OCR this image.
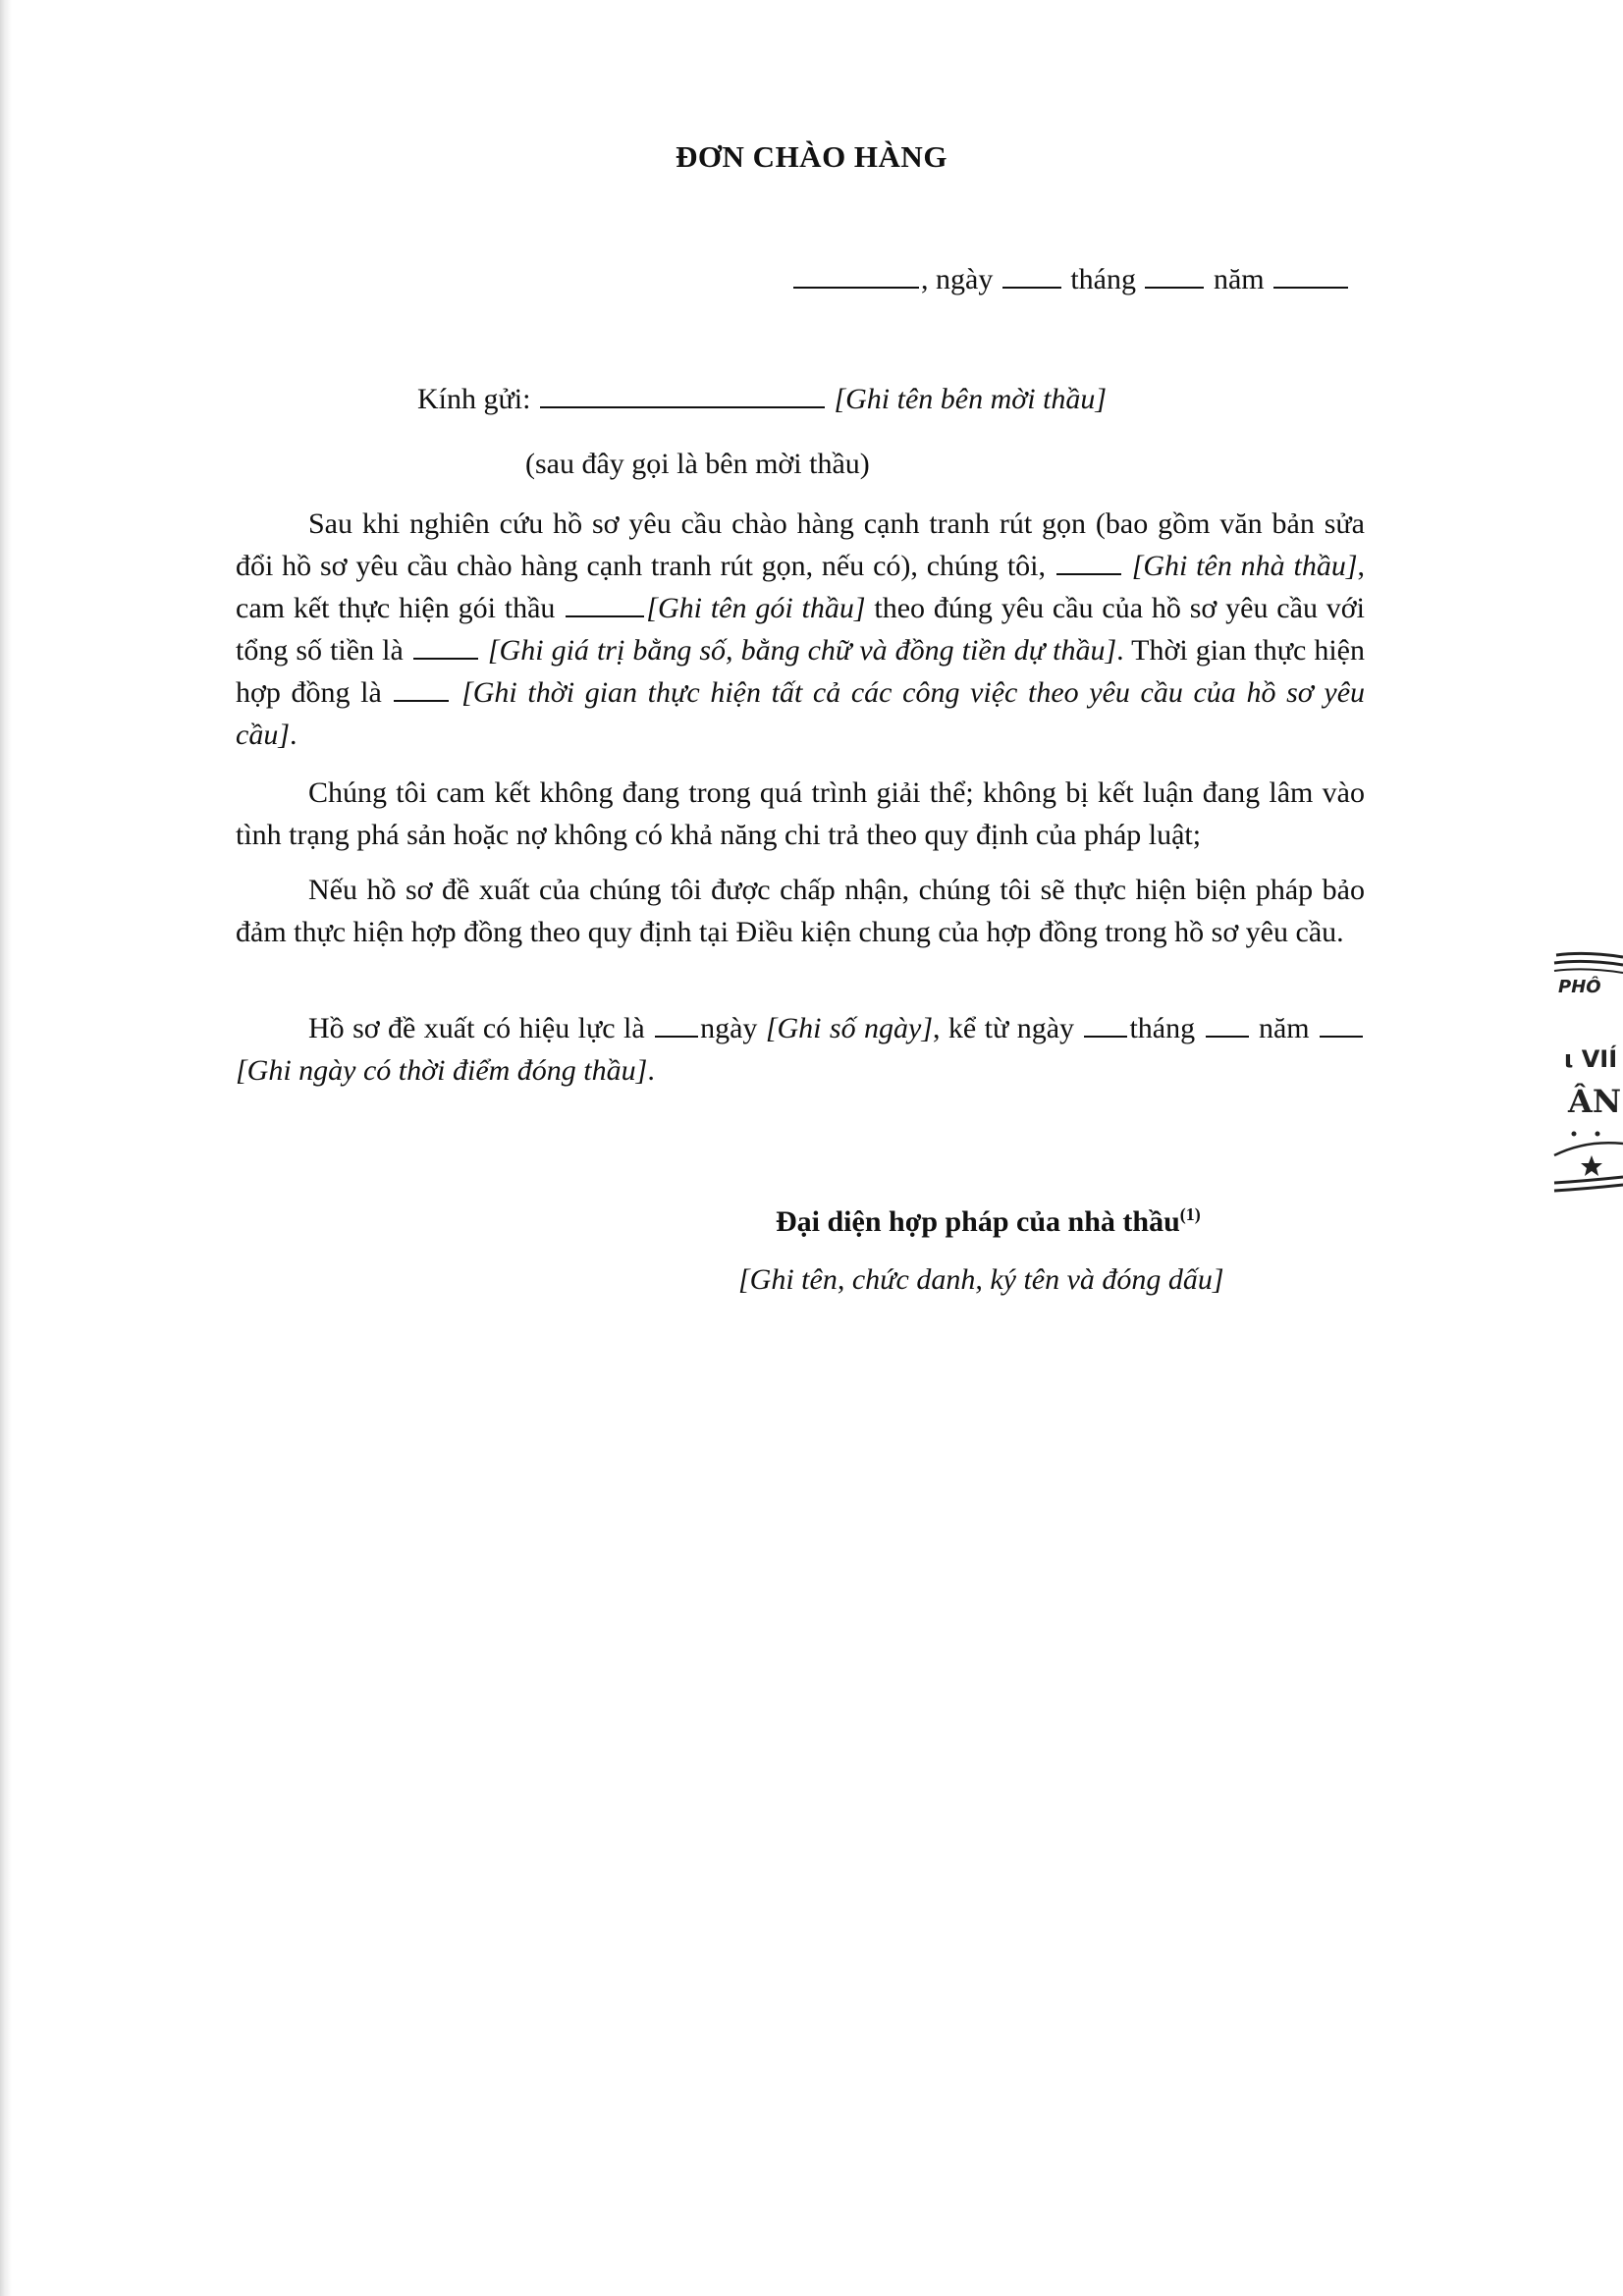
ĐƠN CHÀO HÀNG
, ngày	tháng	năm
Kính gửi:	[Ghi tên bên mời thầu]
(sau đây gọi là bên mời thầu)
Sau khi nghiên cứu hồ sơ yêu cầu chào hàng cạnh tranh rút gọn (bao gồm văn bản sửa đổi hồ sơ yêu cầu chào hàng cạnh tranh rút gọn, nếu có), chúng tôi,	[Ghi tên nhà thầu], cam kết thực hiện gói thầu	[Ghi tên gói thầu] theo đúng yêu cầu của hồ sơ yêu cầu với tổng số tiền là	[Ghi giá trị bằng số, bằng chữ và đồng tiền dự thầu]. Thời gian thực hiện hợp đồng là	[Ghi thời gian thực hiện tất cả các công việc theo yêu cầu của hồ sơ yêu cầu].
Chúng tôi cam kết không đang trong quá trình giải thể; không bị kết luận đang lâm vào tình trạng phá sản hoặc nợ không có khả năng chi trả theo quy định của pháp luật;
Nếu hồ sơ đề xuất của chúng tôi được chấp nhận, chúng tôi sẽ thực hiện biện pháp bảo đảm thực hiện hợp đồng theo quy định tại Điều kiện chung của hợp đồng trong hồ sơ yêu cầu.
Hồ sơ đề xuất có hiệu lực là ngày [Ghi số ngày], kể từ ngày tháng năm [Ghi ngày có thời điểm đóng thầu].
Đại diện hợp pháp của nhà thầu$^{(1)}$
[Ghi tên, chức danh, ký tên và đóng dấu]
PHÔ
ι VIÍ
ÂN
